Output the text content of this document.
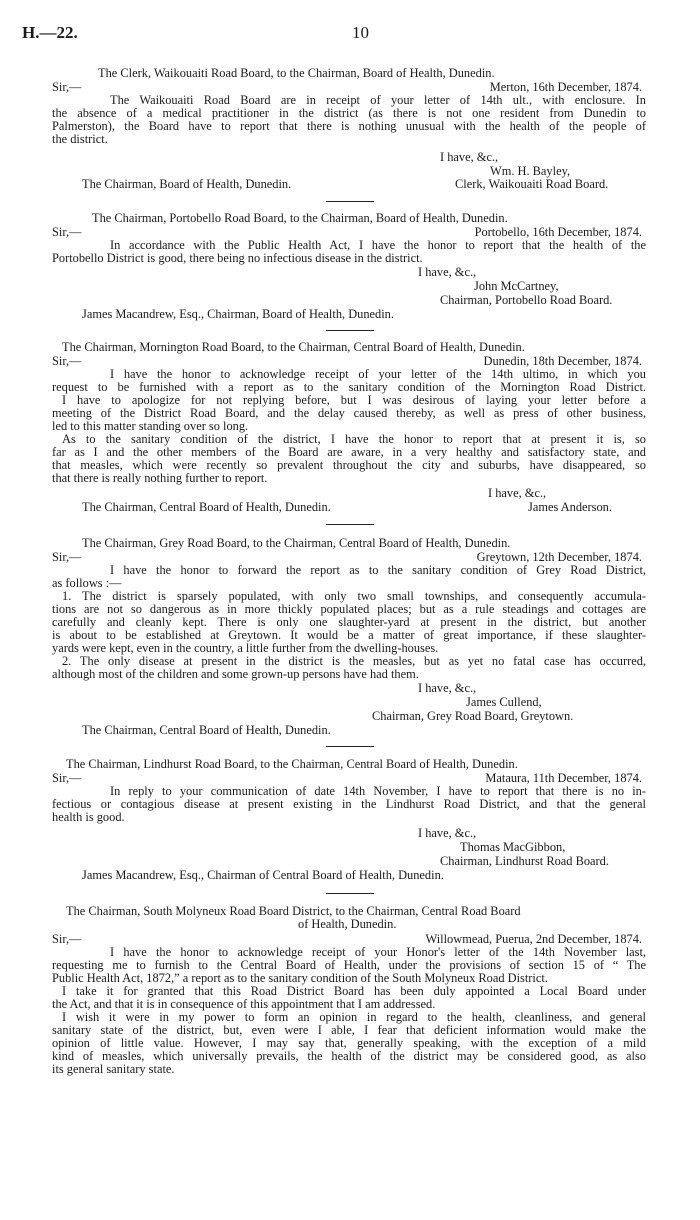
H.—22.	10
The Clerk, Waikouaiti Road Board, to the Chairman, Board of Health, Dunedin.
Sir,—	Merton, 16th December, 1874.
The Waikouaiti Road Board are in receipt of your letter of 14th ult., with enclosure. In
the absence of a medical practitioner in the district (as there is not one resident from Dunedin to
Palmerston), the Board have to report that there is nothing unusual with the health of the people of
the district.
I have, &c.,
Wm. H. Bayley,
The Chairman, Board of Health, Dunedin.	Clerk, Waikouaiti Road Board.
The Chairman, Portobello Road Board, to the Chairman, Board of Health, Dunedin.
Sir,—	Portobello, 16th December, 1874.
In accordance with the Public Health Act, I have the honor to report that the health of the
Portobello District is good, there being no infectious disease in the district.
I have, &c.,
John McCartney,
Chairman, Portobello Road Board.
James Macandrew, Esq., Chairman, Board of Health, Dunedin.
The Chairman, Mornington Road Board, to the Chairman, Central Board of Health, Dunedin.
Sir,—	Dunedin, 18th December, 1874.
I have the honor to acknowledge receipt of your letter of the 14th ultimo, in which you
request to be furnished with a report as to the sanitary condition of the Mornington Road District.
I have to apologize for not replying before, but I was desirous of laying your letter before a
meeting of the District Road Board, and the delay caused thereby, as well as press of other business,
led to this matter standing over so long.
As to the sanitary condition of the district, I have the honor to report that at present it is, so
far as I and the other members of the Board are aware, in a very healthy and satisfactory state, and
that measles, which were recently so prevalent throughout the city and suburbs, have disappeared, so
that there is really nothing further to report.
I have, &c.,
The Chairman, Central Board of Health, Dunedin.	James Anderson.
The Chairman, Grey Road Board, to the Chairman, Central Board of Health, Dunedin.
Sir,—	Greytown, 12th December, 1874.
I have the honor to forward the report as to the sanitary condition of Grey Road District,
as follows :—
1. The district is sparsely populated, with only two small townships, and consequently accumula-
tions are not so dangerous as in more thickly populated places; but as a rule steadings and cottages are
carefully and cleanly kept. There is only one slaughter-yard at present in the district, but another
is about to be established at Greytown. It would be a matter of great importance, if these slaughter-
yards were kept, even in the country, a little further from the dwelling-houses.
2. The only disease at present in the district is the measles, but as yet no fatal case has occurred,
although most of the children and some grown-up persons have had them.
I have, &c.,
James Cullend,
Chairman, Grey Road Board, Greytown.
The Chairman, Central Board of Health, Dunedin.
The Chairman, Lindhurst Road Board, to the Chairman, Central Board of Health, Dunedin.
Sir,—	Mataura, 11th December, 1874.
In reply to your communication of date 14th November, I have to report that there is no in-
fectious or contagious disease at present existing in the Lindhurst Road District, and that the general
health is good.
I have, &c.,
Thomas MacGibbon,
Chairman, Lindhurst Road Board.
James Macandrew, Esq., Chairman of Central Board of Health, Dunedin.
The Chairman, South Molyneux Road Board District, to the Chairman, Central Road Board
of Health, Dunedin.
Sir,—	Willowmead, Puerua, 2nd December, 1874.
I have the honor to acknowledge receipt of your Honor's letter of the 14th November last,
requesting me to furnish to the Central Board of Health, under the provisions of section 15 of “ The
Public Health Act, 1872,” a report as to the sanitary condition of the South Molyneux Road District.
I take it for granted that this Road District Board has been duly appointed a Local Board under
the Act, and that it is in consequence of this appointment that I am addressed.
I wish it were in my power to form an opinion in regard to the health, cleanliness, and general
sanitary state of the district, but, even were I able, I fear that deficient information would make the
opinion of little value. However, I may say that, generally speaking, with the exception of a mild
kind of measles, which universally prevails, the health of the district may be considered good, as also
its general sanitary state.
